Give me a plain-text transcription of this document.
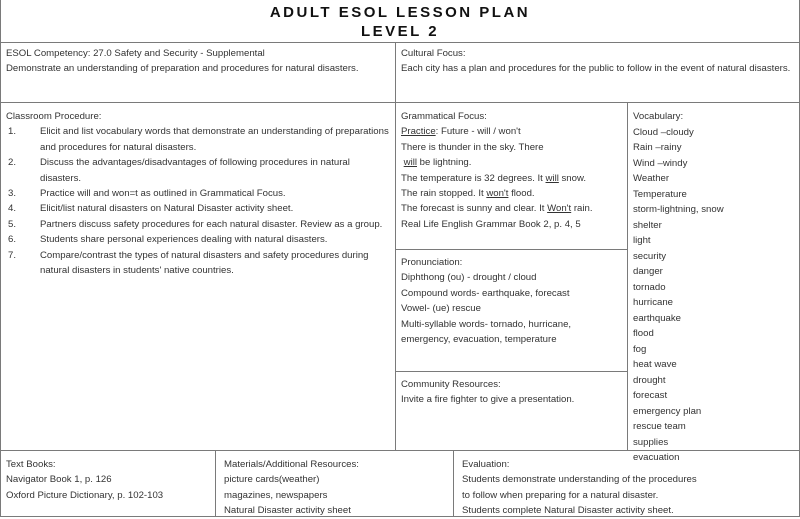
ADULT ESOL LESSON PLAN
LEVEL 2
ESOL Competency: 27.0 Safety and Security - Supplemental
Demonstrate an understanding of preparation and procedures for natural disasters.
Cultural Focus:
Each city has a plan and procedures for the public to follow in the event of natural disasters.
Classroom Procedure:
1.	Elicit and list vocabulary words that demonstrate an understanding of preparations and procedures for natural disasters.
2.	Discuss the advantages/disadvantages of following procedures in natural disasters.
3.	Practice will and won=t as outlined in Grammatical Focus.
4.	Elicit/list natural disasters on Natural Disaster activity sheet.
5.	Partners discuss safety procedures for each natural disaster. Review as a group.
6.	Students share personal experiences dealing with natural disasters.
7.	Compare/contrast the types of natural disasters and safety procedures during natural disasters in students' native countries.
Grammatical Focus:
Practice: Future - will / won't
There is thunder in the sky. There
will be lightning.
The temperature is 32 degrees. It will snow.
The rain stopped. It won't flood.
The forecast is sunny and clear. It Won't rain.
Real Life English Grammar Book 2, p. 4, 5
Pronunciation:
Diphthong (ou) - drought / cloud
Compound words- earthquake, forecast
Vowel- (ue) rescue
Multi-syllable words- tornado, hurricane, emergency, evacuation, temperature
Community Resources:
Invite a fire fighter to give a presentation.
Vocabulary:
Cloud –cloudy
Rain –rainy
Wind –windy
Weather
Temperature
storm-lightning, snow
shelter
light
security
danger
tornado
hurricane
earthquake
flood
fog
heat wave
drought
forecast
emergency plan
rescue team
supplies
evacuation
Text Books:
Navigator Book 1, p. 126
Oxford Picture Dictionary, p. 102-103
Materials/Additional Resources:
picture cards(weather)
magazines, newspapers
Natural Disaster activity sheet
Evaluation:
Students demonstrate understanding of the procedures
to follow when preparing for a natural disaster.
Students complete Natural Disaster activity sheet.
